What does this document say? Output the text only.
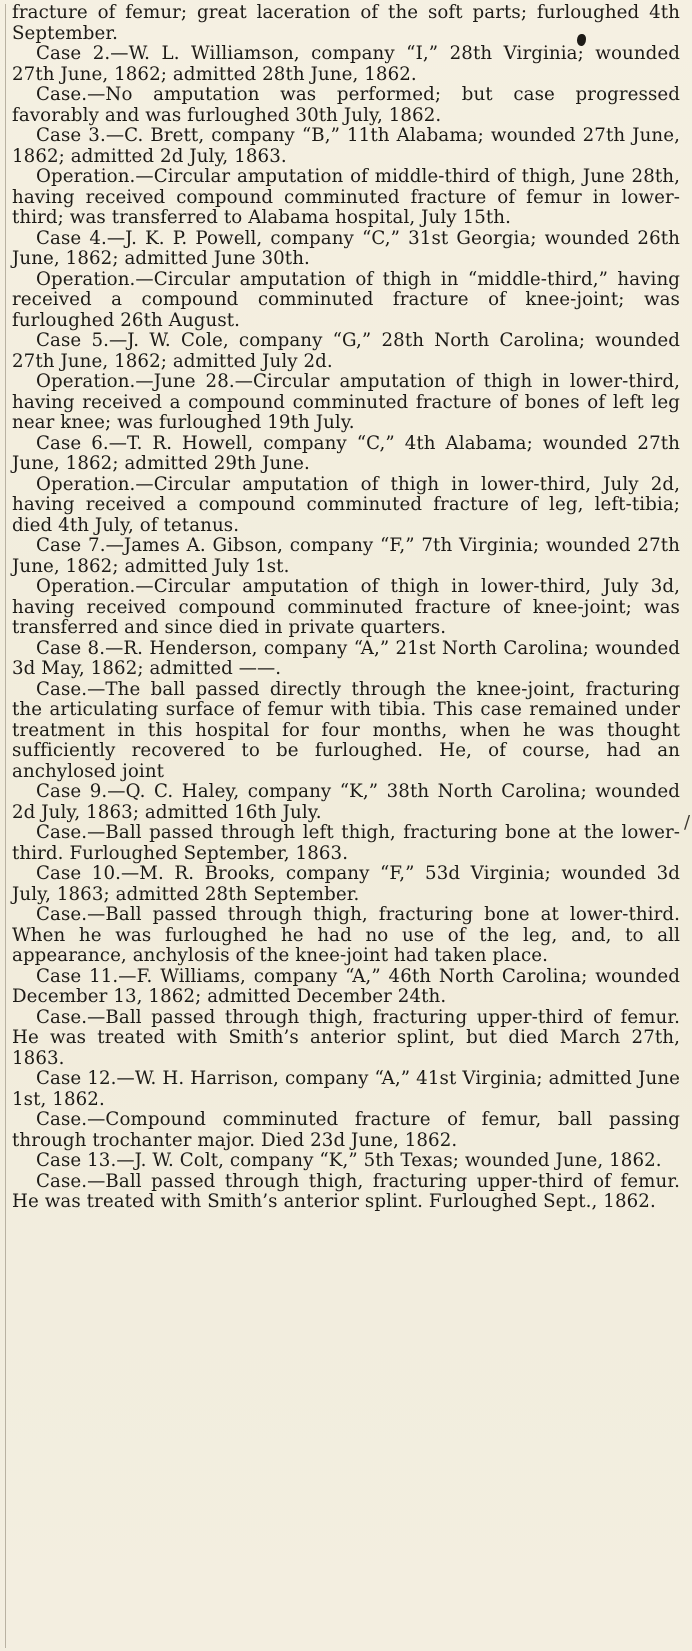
/

fracture of femur; great laceration of the soft parts; furloughed 4th September.

Case 2.—W. L. Williamson, company “I,” 28th Virginia; wounded 27th June, 1862; admitted 28th June, 1862.

Case.—No amputation was performed; but case progressed favorably and was furloughed 30th July, 1862.

Case 3.—C. Brett, company “B,” 11th Alabama; wounded 27th June, 1862; admitted 2d July, 1863.

Operation.—Circular amputation of middle-third of thigh, June 28th, having received compound comminuted fracture of femur in lower-third; was transferred to Alabama hospital, July 15th.

Case 4.—J. K. P. Powell, company “C,” 31st Georgia; wounded 26th June, 1862; admitted June 30th.

Operation.—Circular amputation of thigh in “middle-third,” having received a compound comminuted fracture of knee-joint; was furloughed 26th August.

Case 5.—J. W. Cole, company “G,” 28th North Carolina; wounded 27th June, 1862; admitted July 2d.

Operation.—June 28.—Circular amputation of thigh in lower-third, having received a compound comminuted fracture of bones of left leg near knee; was furloughed 19th July.

Case 6.—T. R. Howell, company “C,” 4th Alabama; wounded 27th June, 1862; admitted 29th June.

Operation.—Circular amputation of thigh in lower-third, July 2d, having received a compound comminuted fracture of leg, left-tibia; died 4th July, of tetanus.

Case 7.—James A. Gibson, company “F,” 7th Virginia; wounded 27th June, 1862; admitted July 1st.

Operation.—Circular amputation of thigh in lower-third, July 3d, having received compound comminuted fracture of knee-joint; was transferred and since died in private quarters.

Case 8.—R. Henderson, company “A,” 21st North Carolina; wounded 3d May, 1862; admitted ——.

Case.—The ball passed directly through the knee-joint, fracturing the articulating surface of femur with tibia. This case remained under treatment in this hospital for four months, when he was thought sufficiently recovered to be furloughed. He, of course, had an anchylosed joint

Case 9.—Q. C. Haley, company “K,” 38th North Carolina; wounded 2d July, 1863; admitted 16th July.

Case.—Ball passed through left thigh, fracturing bone at the lower-third. Furloughed September, 1863.

Case 10.—M. R. Brooks, company “F,” 53d Virginia; wounded 3d July, 1863; admitted 28th September.

Case.—Ball passed through thigh, fracturing bone at lower-third. When he was furloughed he had no use of the leg, and, to all appearance, anchylosis of the knee-joint had taken place.

Case 11.—F. Williams, company “A,” 46th North Carolina; wounded December 13, 1862; admitted December 24th.

Case.—Ball passed through thigh, fracturing upper-third of femur. He was treated with Smith’s anterior splint, but died March 27th, 1863.

Case 12.—W. H. Harrison, company “A,” 41st Virginia; admitted June 1st, 1862.

Case.—Compound comminuted fracture of femur, ball passing through trochanter major. Died 23d June, 1862.

Case 13.—J. W. Colt, company “K,” 5th Texas; wounded June, 1862.

Case.—Ball passed through thigh, fracturing upper-third of femur. He was treated with Smith’s anterior splint. Furloughed Sept., 1862.
